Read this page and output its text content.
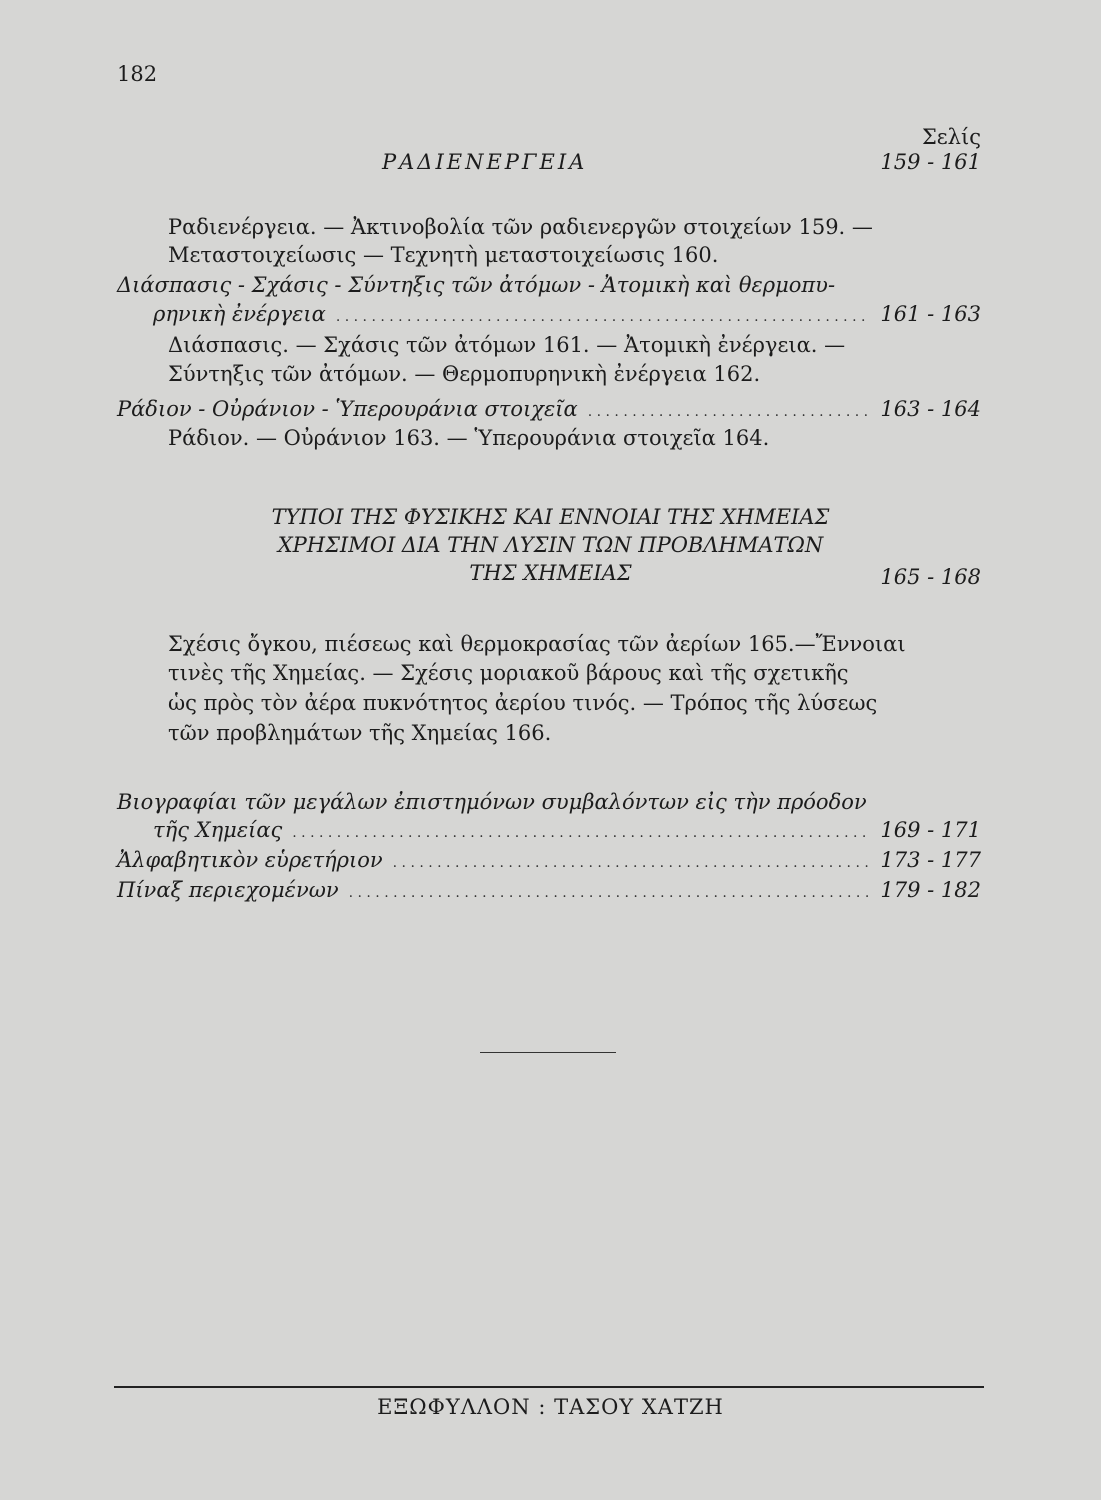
182
Σελίς
ΡΑΔΙΕΝΕΡΓΕΙΑ	159 - 161
Ραδιενέργεια. — Ἀκτινοβολία τῶν ραδιενεργῶν στοιχείων 159. —
Μεταστοιχείωσις — Τεχνητὴ μεταστοιχείωσις 160.
Διάσπασις - Σχάσις - Σύντηξις τῶν ἀτόμων - Ἀτομικὴ καὶ θερμοπυ-
ρηνικὴ ἐνέργεια . . .	161 - 163
Διάσπασις. — Σχάσις τῶν ἀτόμων 161. — Ἀτομικὴ ἐνέργεια. —
Σύντηξις τῶν ἀτόμων. — Θερμοπυρηνικὴ ἐνέργεια 162.
Ράδιον - Οὐράνιον - Ὑπερουράνια στοιχεῖα . . .	163 - 164
Ράδιον. — Οὐράνιον 163. — Ὑπερουράνια στοιχεῖα 164.
ΤΥΠΟΙ ΤΗΣ ΦΥΣΙΚΗΣ ΚΑΙ ΕΝΝΟΙΑΙ ΤΗΣ ΧΗΜΕΙΑΣ
ΧΡΗΣΙΜΟΙ ΔΙΑ ΤΗΝ ΛΥΣΙΝ ΤΩΝ ΠΡΟΒΛΗΜΑΤΩΝ
ΤΗΣ ΧΗΜΕΙΑΣ	165 - 168
Σχέσις ὄγκου, πιέσεως καὶ θερμοκρασίας τῶν ἀερίων 165.—Ἔννοιαι
τινὲς τῆς Χημείας. — Σχέσις μοριακοῦ βάρους καὶ τῆς σχετικῆς
ὡς πρὸς τὸν ἀέρα πυκνότητος ἀερίου τινός. — Τρόπος τῆς λύσεως
τῶν προβλημάτων τῆς Χημείας 166.
Βιογραφίαι τῶν μεγάλων ἐπιστημόνων συμβαλόντων εἰς τὴν πρόοδον
τῆς Χημείας . . .	169 - 171
Ἀλφαβητικὸν εὑρετήριον . . .	173 - 177
Πίναξ περιεχομένων . . .	179 - 182
ΕΞΩΦΥΛΛΟΝ : ΤΑΣΟΥ ΧΑΤΖΗ
